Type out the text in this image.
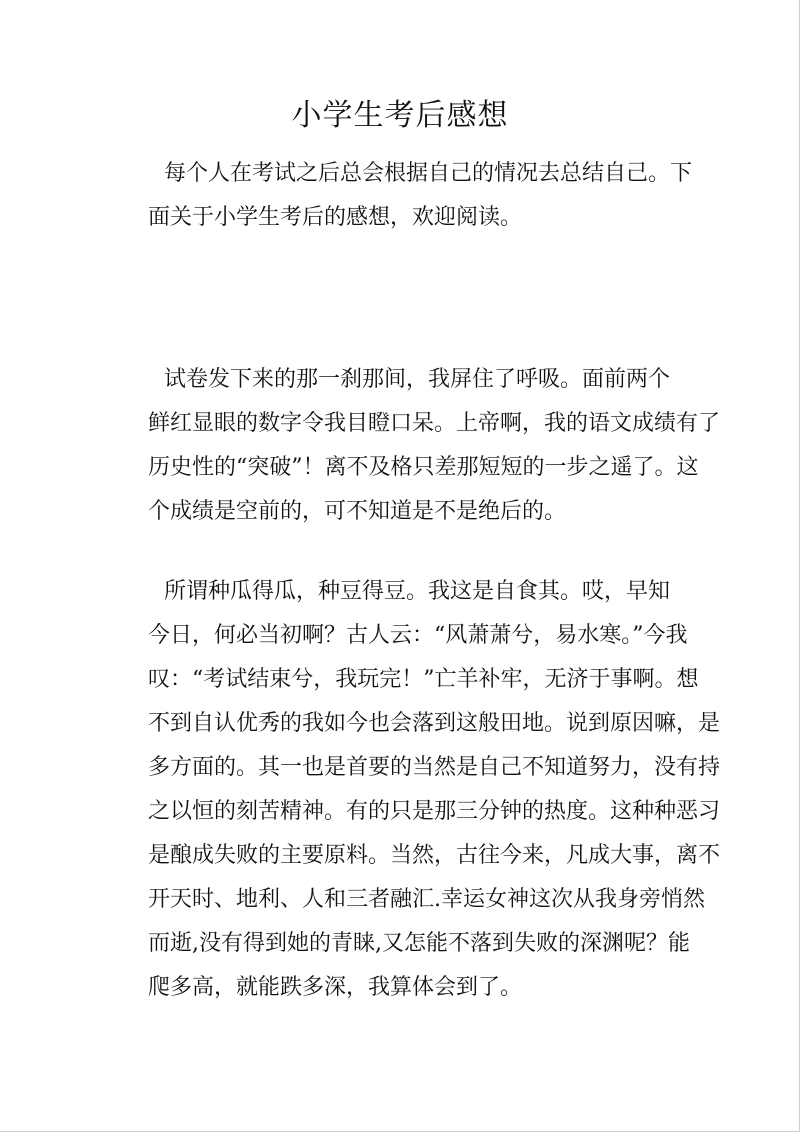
小学生考后感想
每个人在考试之后总会根据自己的情况去总结自己。下
面关于小学生考后的感想，欢迎阅读。
试卷发下来的那一刹那间，我屏住了呼吸。面前两个
鲜红显眼的数字令我目瞪口呆。上帝啊，我的语文成绩有了
历史性的“突破”！离不及格只差那短短的一步之遥了。这
个成绩是空前的，可不知道是不是绝后的。
所谓种瓜得瓜，种豆得豆。我这是自食其。哎，早知
今日，何必当初啊？古人云：“风萧萧兮，易水寒。”今我
叹：“考试结束兮，我玩完！”亡羊补牢，无济于事啊。想
不到自认优秀的我如今也会落到这般田地。说到原因嘛，是
多方面的。其一也是首要的当然是自己不知道努力，没有持
之以恒的刻苦精神。有的只是那三分钟的热度。这种种恶习
是酿成失败的主要原料。当然，古往今来，凡成大事，离不
开天时、地利、人和三者融汇.幸运女神这次从我身旁悄然
而逝,没有得到她的青睐,又怎能不落到失败的深渊呢？能
爬多高，就能跌多深，我算体会到了。
